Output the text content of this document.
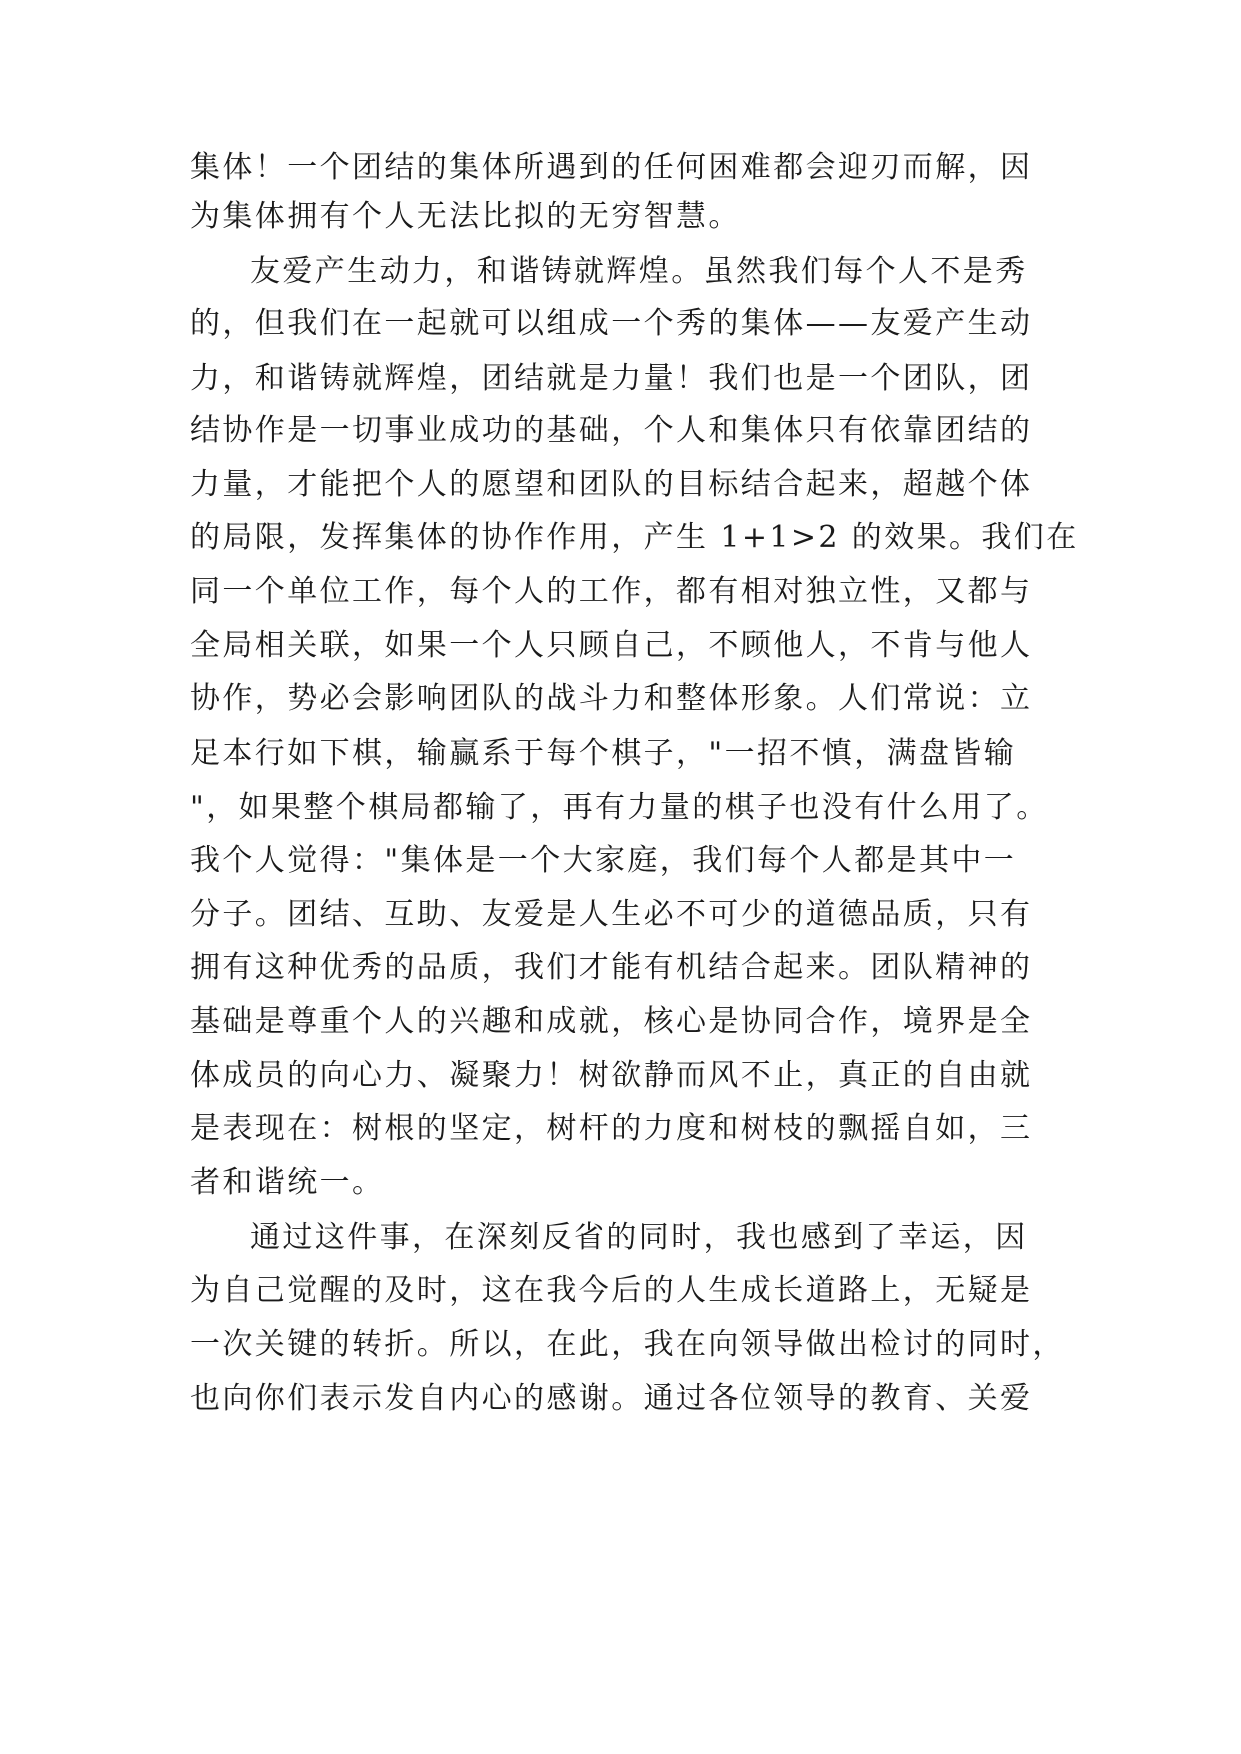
集体！一个团结的集体所遇到的任何困难都会迎刃而解，因
为集体拥有个人无法比拟的无穷智慧。
友爱产生动力，和谐铸就辉煌。虽然我们每个人不是秀
的，但我们在一起就可以组成一个秀的集体——友爱产生动
力，和谐铸就辉煌，团结就是力量！我们也是一个团队，团
结协作是一切事业成功的基础，个人和集体只有依靠团结的
力量，才能把个人的愿望和团队的目标结合起来，超越个体
的局限，发挥集体的协作作用，产生 1+1>2 的效果。我们在
同一个单位工作，每个人的工作，都有相对独立性，又都与
全局相关联，如果一个人只顾自己，不顾他人，不肯与他人
协作，势必会影响团队的战斗力和整体形象。人们常说：立
足本行如下棋，输赢系于每个棋子，"一招不慎，满盘皆输
"，如果整个棋局都输了，再有力量的棋子也没有什么用了。
我个人觉得："集体是一个大家庭，我们每个人都是其中一
分子。团结、互助、友爱是人生必不可少的道德品质，只有
拥有这种优秀的品质，我们才能有机结合起来。团队精神的
基础是尊重个人的兴趣和成就，核心是协同合作，境界是全
体成员的向心力、凝聚力！树欲静而风不止，真正的自由就
是表现在：树根的坚定，树杆的力度和树枝的飘摇自如，三
者和谐统一。
通过这件事，在深刻反省的同时，我也感到了幸运，因
为自己觉醒的及时，这在我今后的人生成长道路上，无疑是
一次关键的转折。所以，在此，我在向领导做出检讨的同时，
也向你们表示发自内心的感谢。通过各位领导的教育、关爱
